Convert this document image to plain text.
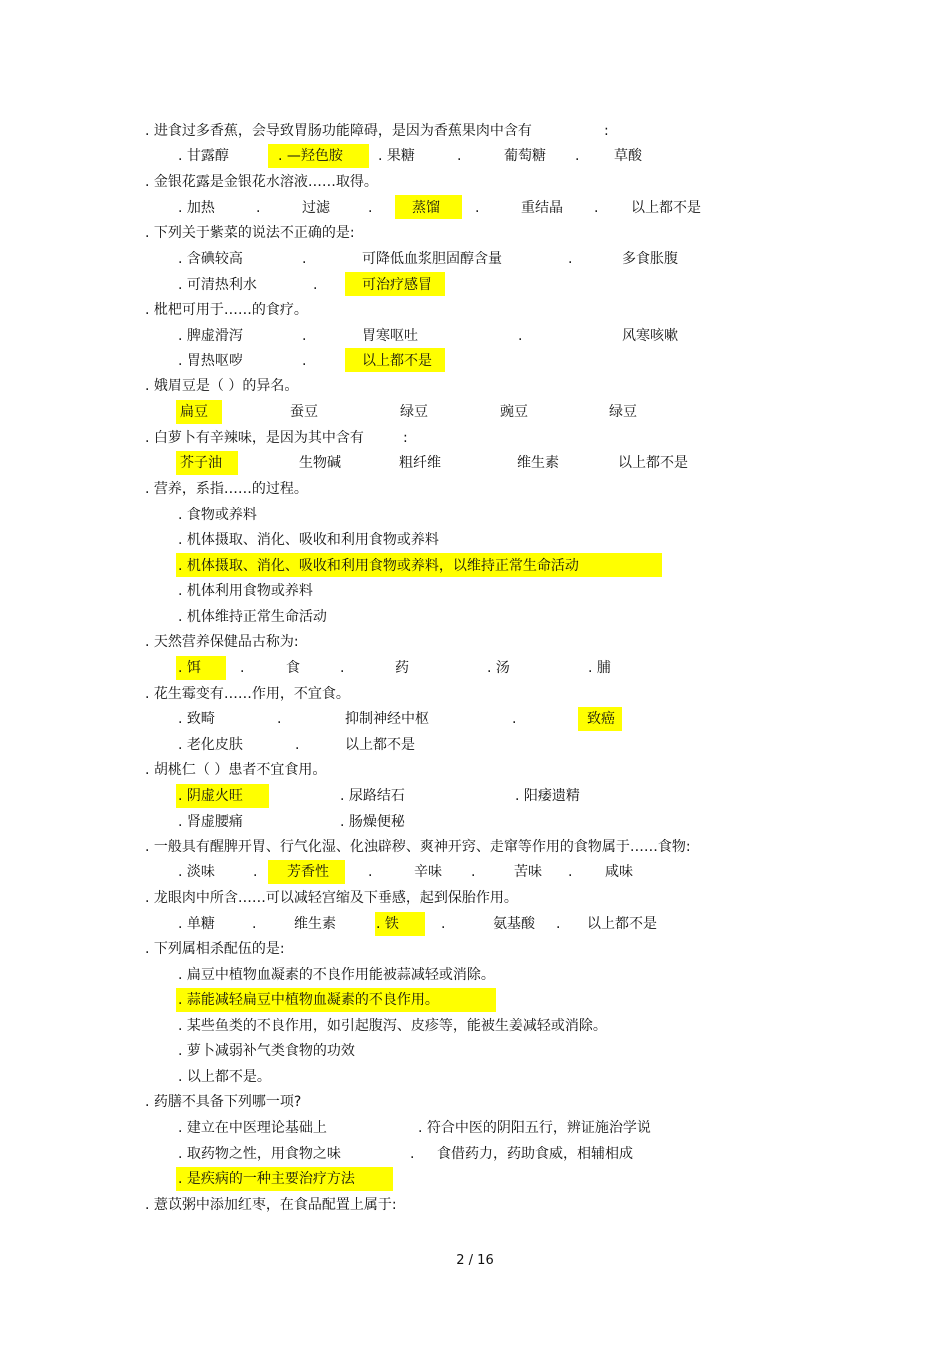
. 进食过多香蕉，会导致胃肠功能障碍，是因为香蕉果肉中含有	:
. 甘露醇	. —羟色胺	. 果糖	.	葡萄糖 . 草酸
. 金银花露是金银花水溶液……取得。
. 加热	.	过滤	.	蒸馏	.	重结晶 . 以上都不是
. 下列关于紫菜的说法不正确的是:
. 含碘较高	.	可降低血浆胆固醇含量	.	多食胀腹
. 可清热利水	.	可治疗感冒
. 枇杷可用于……的食疗。
. 脾虚滑泻	.	胃寒呕吐	.	风寒咳嗽
. 胃热呕哕	.	以上都不是
. 娥眉豆是（ ）的异名。
扁豆	蚕豆	绿豆	豌豆	绿豆
. 白萝卜有辛辣味，是因为其中含有	:
芥子油	生物碱	粗纤维	维生素	以上都不是
. 营养，系指……的过程。
. 食物或养料
. 机体摄取、消化、吸收和利用食物或养料
. 机体摄取、消化、吸收和利用食物或养料，以维持正常生命活动
. 机体利用食物或养料
. 机体维持正常生命活动
. 天然营养保健品古称为:
. 饵	.	食	.	药	. 汤	. 脯
. 花生霉变有……作用，不宜食。
. 致畸	.	抑制神经中枢	.	致癌
. 老化皮肤	.	以上都不是
. 胡桃仁（ ）患者不宜食用。
. 阴虚火旺	. 尿路结石	. 阳痿遗精
. 肾虚腰痛	. 肠燥便秘
. 一般具有醒脾开胃、行气化湿、化浊辟秽、爽神开窍、走窜等作用的食物属于……食物:
. 淡味	. 芳香性	.	辛味 .	苦味 . 咸味
. 龙眼肉中所含……可以减轻宫缩及下垂感，起到保胎作用。
. 单糖	.	维生素	. 铁	.	氨基酸 . 以上都不是
. 下列属相杀配伍的是:
. 扁豆中植物血凝素的不良作用能被蒜减轻或消除。
. 蒜能减轻扁豆中植物血凝素的不良作用。
. 某些鱼类的不良作用，如引起腹泻、皮疹等，能被生姜减轻或消除。
. 萝卜减弱补气类食物的功效
. 以上都不是。
. 药膳不具备下列哪一项?
. 建立在中医理论基础上	. 符合中医的阴阳五行，辨证施治学说
. 取药物之性，用食物之味	. 食借药力，药助食威，相辅相成
. 是疾病的一种主要治疗方法
. 薏苡粥中添加红枣，在食品配置上属于:
2 / 16
